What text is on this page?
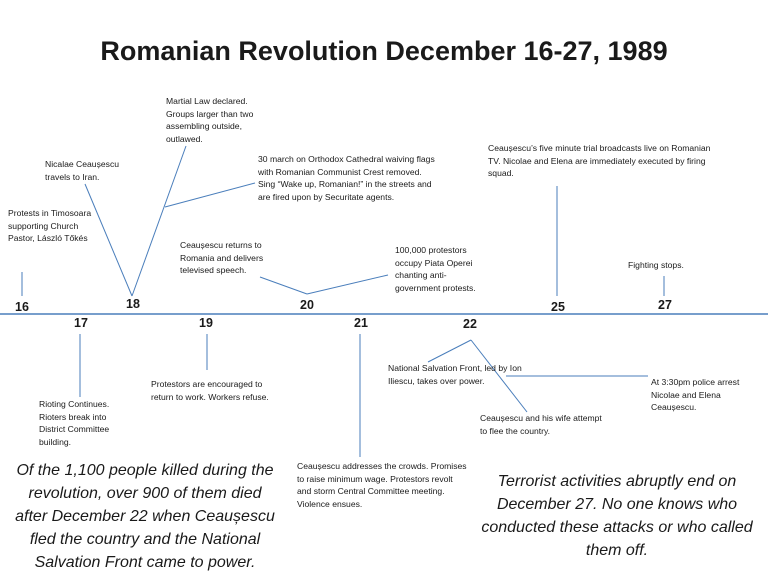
Romanian Revolution December 16-27, 1989
16
17
18
19
20
21	22
25	27
Protests in Timosoara supporting Church Pastor, László Tőkés
Rioting Continues. Rioters break into District Committee building.
Nicalae Ceaușescu travels to Iran.
Martial Law declared. Groups larger than two assembling outside, outlawed.
30 march on Orthodox Cathedral waiving flags with Romanian Communist Crest removed. Sing “Wake up, Romanian!” in the streets and are fired upon by Securitate agents.
Protestors are encouraged to return to work. Workers refuse.
Ceaușescu returns to Romania and delivers televised speech.
100,000 protestors occupy Piata Operei chanting anti-government protests.
Ceaușescu addresses the crowds. Promises to raise minimum wage. Protestors revolt and storm Central Committee meeting. Violence ensues.
National Salvation Front, led by Ion Iliescu, takes over power.
Ceaușescu and his wife attempt to flee the country.
At 3:30pm police arrest Nicolae and Elena Ceaușescu.
Ceaușescu’s five minute trial broadcasts live on Romanian TV. Nicolae and Elena are immediately executed by firing squad.
Fighting stops.
Of the 1,100 people killed during the revolution, over 900 of them died after December 22 when Ceaușescu fled the country and the National Salvation Front came to power.
Terrorist activities abruptly end on December 27. No one knows who conducted these attacks or who called them off.
